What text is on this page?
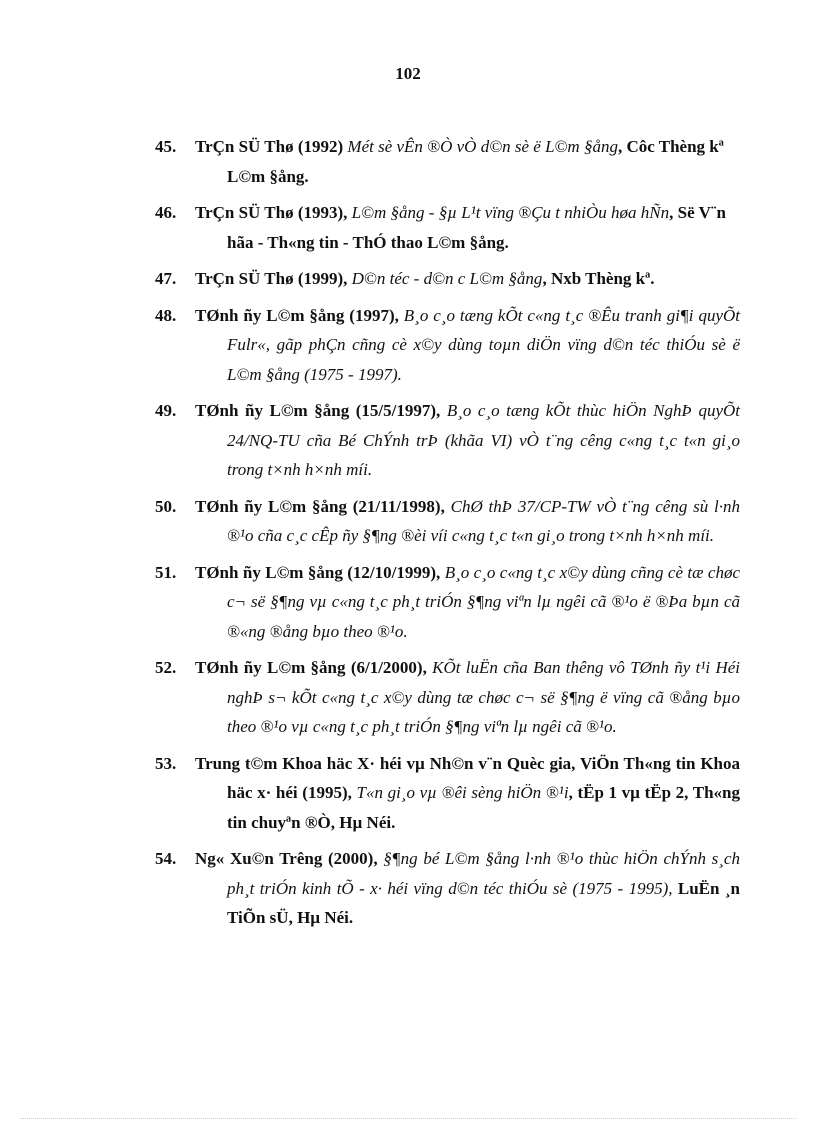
102
45. TrÇn SÜ Thø (1992) Mét sè vÊn ®Ò vÒ d©n sè ë L©m §ång, Côc Thèng kª L©m §ång.
46. TrÇn SÜ Thø (1993), L©m §ång - §µ L¹t vïng ®Çu t nhiÒu høa hÑn, Së V¨n hãa - Th«ng tin - ThÓ thao L©m §ång.
47. TrÇn SÜ Thø (1999), D©n téc - d©n c L©m §ång, Nxb Thèng kª.
48. TØnh ñy L©m §ång (1997), B¸o c¸o tæng kÕt c«ng t¸c ®Êu tranh gi¶i quyÕt Fulr«, gãp phÇn cñng cè x©y dùng toµn diÖn vïng d©n téc thiÓu sè ë L©m §ång (1975 - 1997).
49. TØnh ñy L©m §ång (15/5/1997), B¸o c¸o tæng kÕt thùc hiÖn NghÞ quyÕt 24/NQ-TU cña Bé ChÝnh trÞ (khãa VI) vÒ t¨ng cêng c«ng t¸c t«n gi¸o trong t×nh h×nh míi.
50. TØnh ñy L©m §ång (21/11/1998), ChØ thÞ 37/CP-TW vÒ t¨ng cêng sù l·nh ®¹o cña c¸c cÊp ñy §¶ng ®èi víi c«ng t¸c t«n gi¸o trong t×nh h×nh míi.
51. TØnh ñy L©m §ång (12/10/1999), B¸o c¸o c«ng t¸c x©y dùng cñng cè tæ chøc c¬ së §¶ng vµ c«ng t¸c ph¸t triÓn §¶ng viªn lµ ngêi cã ®¹o ë ®Þa bµn cã ®«ng ®ång bµo theo ®¹o.
52. TØnh ñy L©m §ång (6/1/2000), KÕt luËn cña Ban thêng vô TØnh ñy t¹i Héi nghÞ s¬ kÕt c«ng t¸c x©y dùng tæ chøc c¬ së §¶ng ë vïng cã ®ång bµo theo ®¹o vµ c«ng t¸c ph¸t triÓn §¶ng viªn lµ ngêi cã ®¹o.
53. Trung t©m Khoa häc X· héi vµ Nh©n v¨n Quèc gia, ViÖn Th«ng tin Khoa häc x· héi (1995), T«n gi¸o vµ ®êi sèng hiÖn ®¹i, tËp 1 vµ tËp 2, Th«ng tin chuyªn ®Ò, Hµ Néi.
54. Ng« Xu©n Trêng (2000), §¶ng bé L©m §ång l·nh ®¹o thùc hiÖn chÝnh s¸ch ph¸t triÓn kinh tÕ - x· héi vïng d©n téc thiÓu sè (1975 - 1995), LuËn ¸n TiÕn sÜ, Hµ Néi.
